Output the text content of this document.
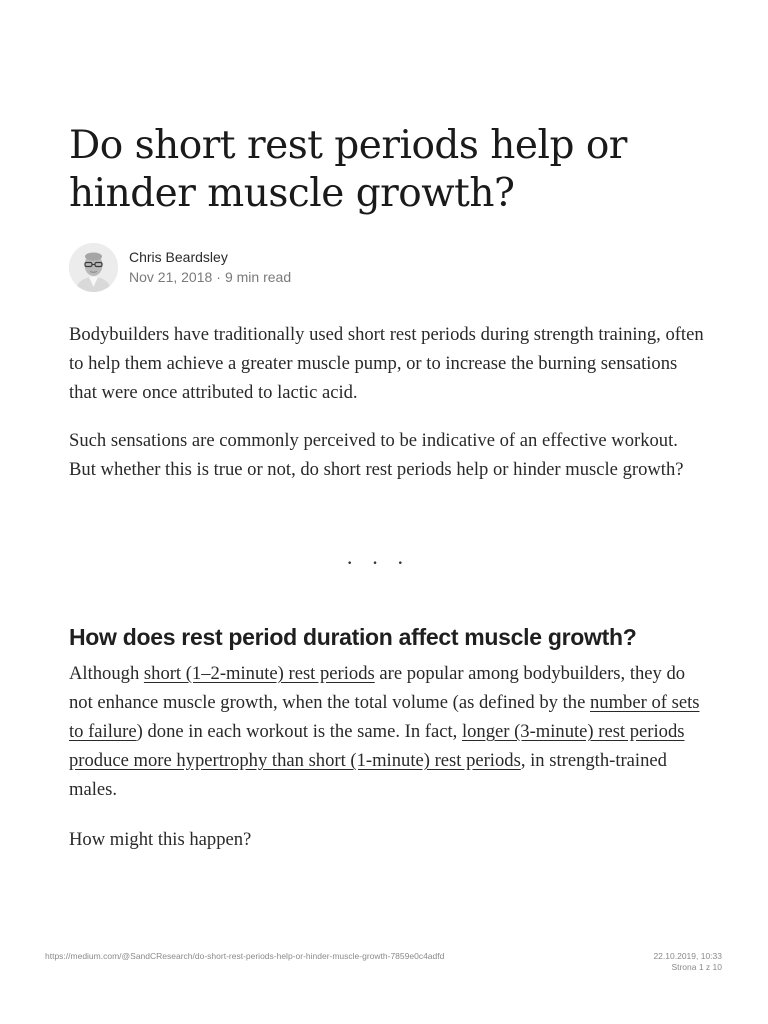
Do short rest periods help or hinder muscle growth?
Chris Beardsley
Nov 21, 2018 · 9 min read

Bodybuilders have traditionally used short rest periods during strength training, often to help them achieve a greater muscle pump, or to increase the burning sensations that were once attributed to lactic acid.

Such sensations are commonly perceived to be indicative of an effective workout. But whether this is true or not, do short rest periods help or hinder muscle growth?

···
How does rest period duration affect muscle growth?

Although short (1–2-minute) rest periods are popular among bodybuilders, they do not enhance muscle growth, when the total volume (as defined by the number of sets to failure) done in each workout is the same. In fact, longer (3-minute) rest periods produce more hypertrophy than short (1-minute) rest periods, in strength-trained males.

How might this happen?

https://medium.com/@SandCResearch/do-short-rest-periods-help-or-hinder-muscle-growth-7859e0c4adfd	22.10.2019, 10:33
Strona 1 z 10
